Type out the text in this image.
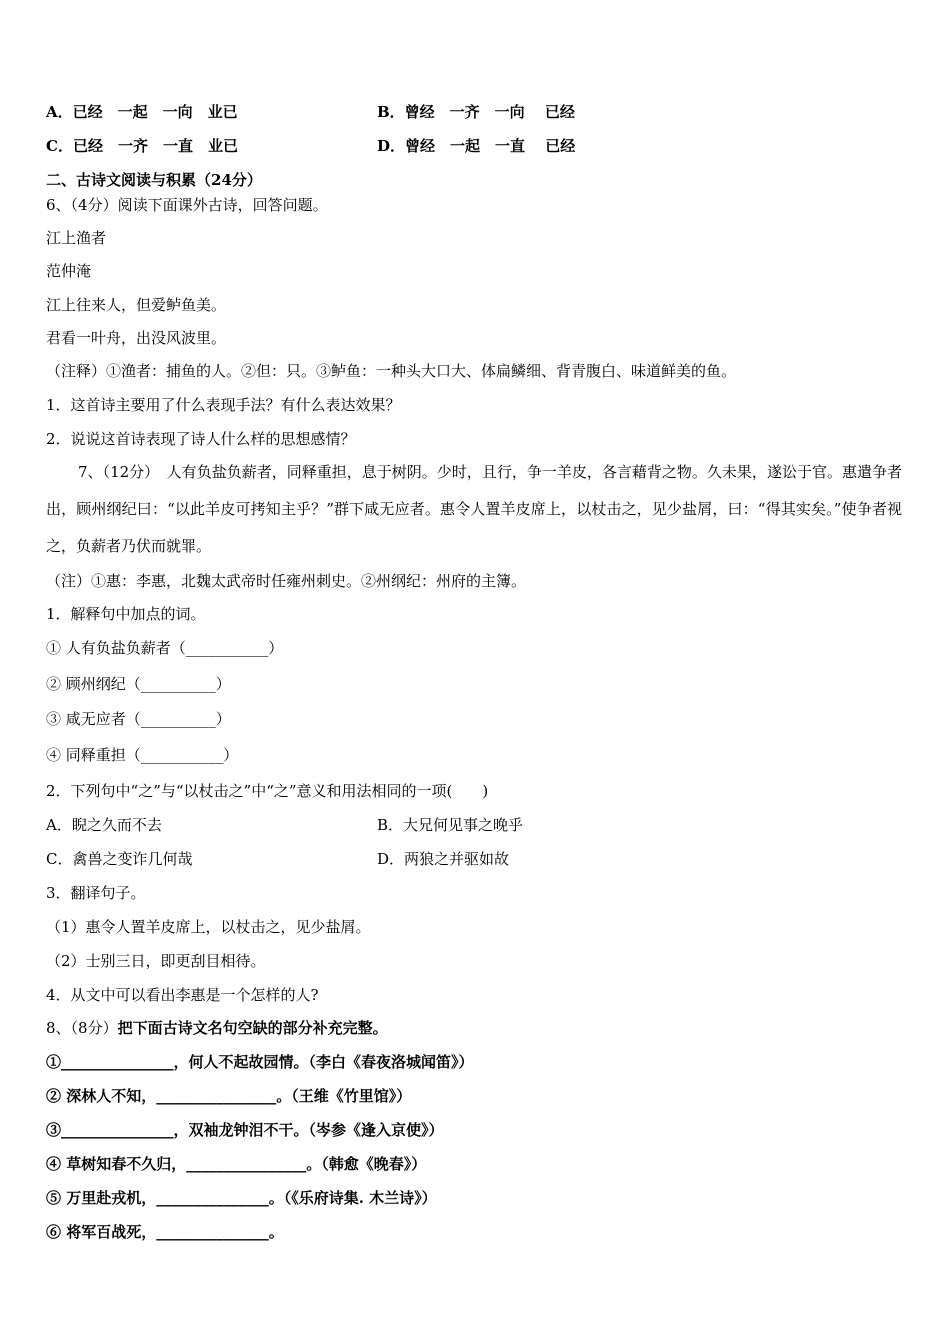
A．已经　一起　一向　业已	B．曾经　一齐　一向　 已经
C．已经　一齐　一直　业已	D．曾经　一起　一直　 已经
二、古诗文阅读与积累（24分）
6、（4分）阅读下面课外古诗，回答问题。
江上渔者
范仲淹
江上往来人，但爱鲈鱼美。
君看一叶舟，出没风波里。
（注释）①渔者：捕鱼的人。②但：只。③鲈鱼：一种头大口大、体扁鳞细、背青腹白、味道鲜美的鱼。
1．这首诗主要用了什么表现手法？有什么表达效果？
2．说说这首诗表现了诗人什么样的思想感情？
7、（12分）　人有负盐负薪者，同释重担，息于树阴。少时，且行，争一羊皮，各言藉背之物。久未果，遂讼于官。惠遣争者出，顾州纲纪曰：“以此羊皮可拷知主乎？”群下咸无应者。惠令人置羊皮席上，以杖击之，见少盐屑，曰：“得其实矣。”使争者视之，负薪者乃伏而就罪。
（注）①惠：李惠，北魏太武帝时任雍州刺史。②州纲纪：州府的主簿。
1．解释句中加点的词。
① 人有负盐负薪者（___________）
② 顾州纲纪（__________）
③ 咸无应者（__________）
④ 同释重担（___________）
2．下列句中“之”与“以杖击之”中“之”意义和用法相同的一项(　　)
A．睨之久而不去	B．大兄何见事之晚乎
C．禽兽之变诈几何哉	D．两狼之并驱如故
3．翻译句子。
（1）惠令人置羊皮席上，以杖击之，见少盐屑。
（2）士别三日，即更刮目相待。
4．从文中可以看出李惠是一个怎样的人?
8、（8分）把下面古诗文名句空缺的部分补充完整。
①_______________，何人不起故园情。（李白《春夜洛城闻笛》）
② 深林人不知，________________。（王维《竹里馆》）
③_______________，双袖龙钟泪不干。（岑参《逢入京使》）
④ 草树知春不久归，________________。（韩愈《晚春》）
⑤ 万里赴戎机，_______________。（《乐府诗集. 木兰诗》）
⑥ 将军百战死，_______________。
